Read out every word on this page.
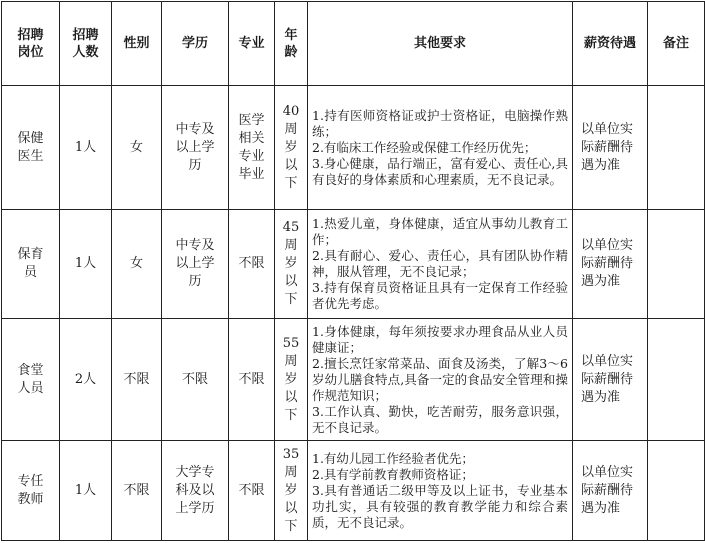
招聘岗位	招聘人数	性别	学历	专业	年龄	其他要求	薪资待遇	备注
保健医生	1人	女	中专及以上学历	医学相关专业毕业	40周岁以下	1.持有医师资格证或护士资格证，电脑操作熟练；
2.有临床工作经验或保健工作经历优先；
3.身心健康，品行端正，富有爱心、责任心,具有良好的身体素质和心理素质，无不良记录。	以单位实际薪酬待遇为准	
保育员	1人	女	中专及以上学历	不限	45周岁以下	1.热爱儿童，身体健康，适宜从事幼儿教育工作；
2.具有耐心、爱心、责任心，具有团队协作精神，服从管理，无不良记录；
3.持有保育员资格证且具有一定保育工作经验者优先考虑。	以单位实际薪酬待遇为准	
食堂人员	2人	不限	不限	不限	55周岁以下	1.身体健康，每年须按要求办理食品从业人员健康证；
2.擅长烹饪家常菜品、面食及汤类，了解3～6岁幼儿膳食特点,具备一定的食品安全管理和操作规范知识；
3.工作认真、勤快，吃苦耐劳，服务意识强，无不良记录。	以单位实际薪酬待遇为准	
专任教师	1人	不限	大学专科及以上学历	不限	35周岁以下	1.有幼儿园工作经验者优先；
2.具有学前教育教师资格证；
3.具有普通话二级甲等及以上证书，专业基本功扎实，具有较强的教育教学能力和综合素质，无不良记录。	以单位实际薪酬待遇为准	
